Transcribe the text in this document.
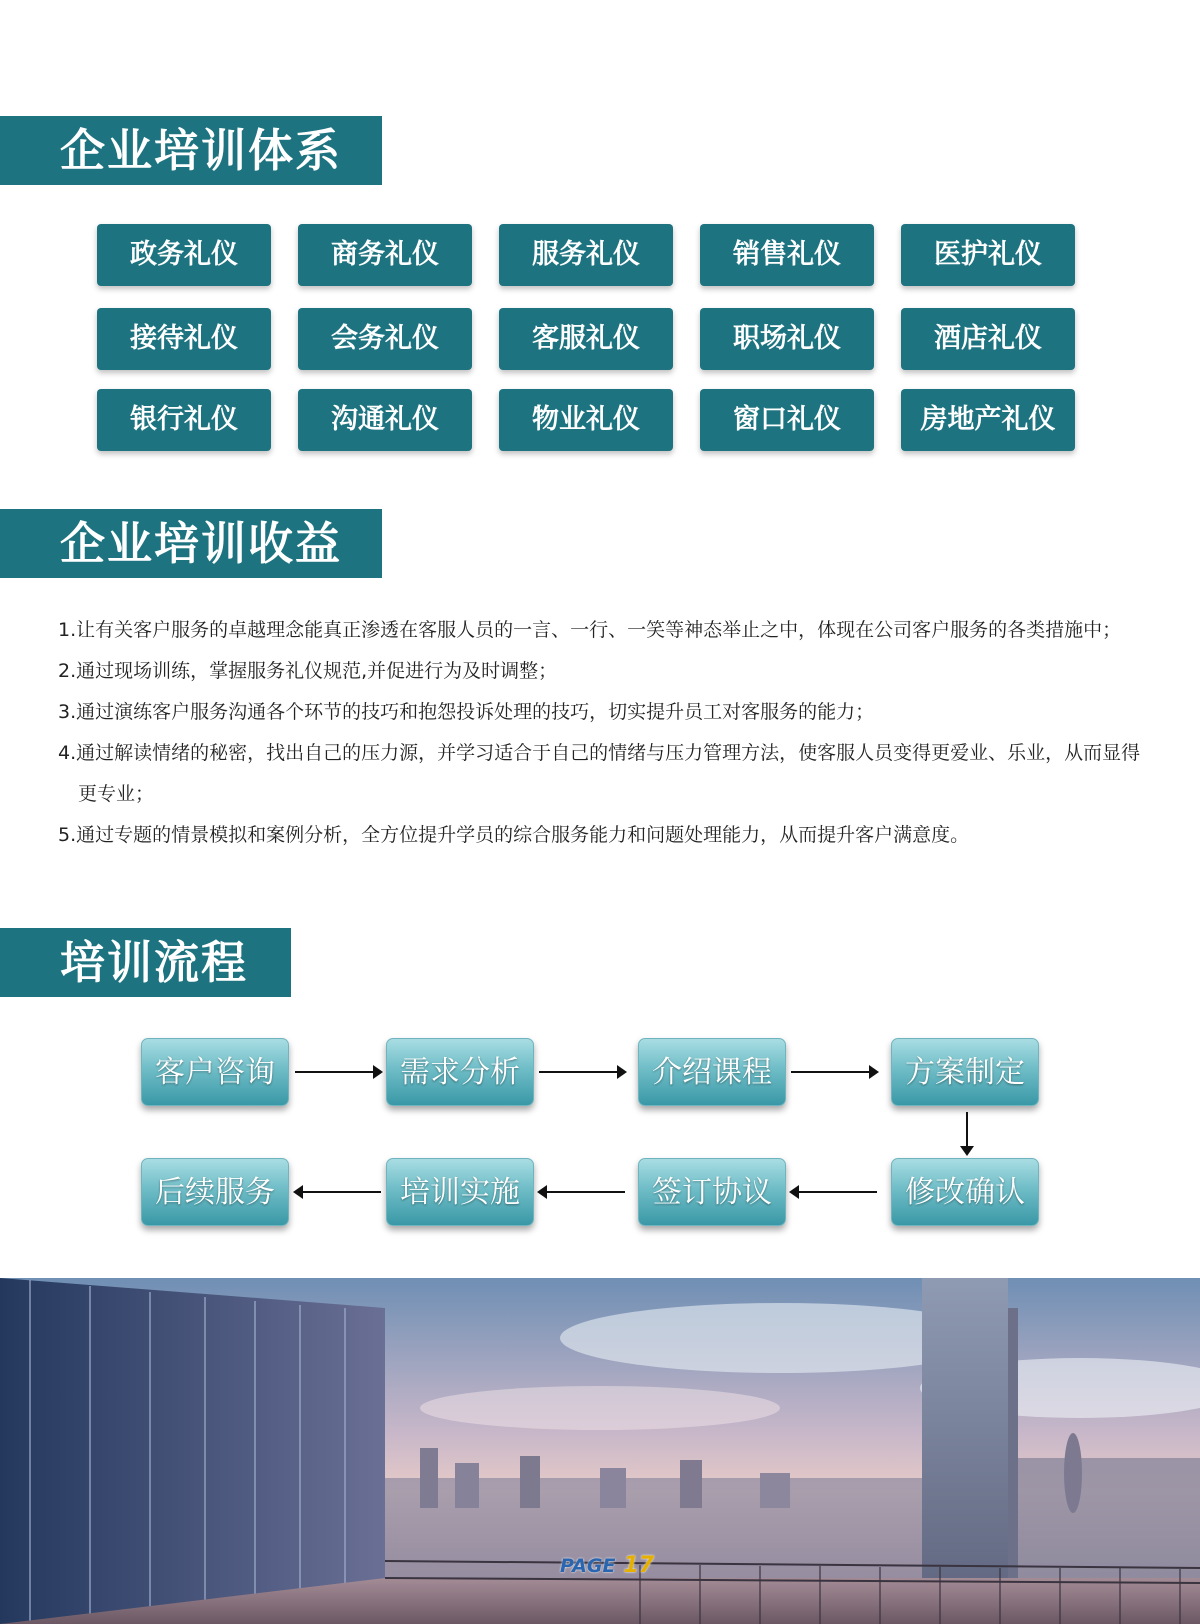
企业培训体系
政务礼仪	商务礼仪	服务礼仪	销售礼仪	医护礼仪
接待礼仪	会务礼仪	客服礼仪	职场礼仪	酒店礼仪
银行礼仪	沟通礼仪	物业礼仪	窗口礼仪	房地产礼仪
企业培训收益

1.让有关客户服务的卓越理念能真正渗透在客服人员的一言、一行、一笑等神态举止之中，体现在公司客户服务的各类措施中；

2.通过现场训练，掌握服务礼仪规范,并促进行为及时调整；

3.通过演练客户服务沟通各个环节的技巧和抱怨投诉处理的技巧，切实提升员工对客服务的能力；

4.通过解读情绪的秘密，找出自己的压力源，并学习适合于自己的情绪与压力管理方法，使客服人员变得更爱业、乐业，从而显得更专业；

5.通过专题的情景模拟和案例分析，全方位提升学员的综合服务能力和问题处理能力，从而提升客户满意度。

培训流程
客户咨询	需求分析	介绍课程	方案制定
后续服务	培训实施	签订协议	修改确认
PAGE 17
